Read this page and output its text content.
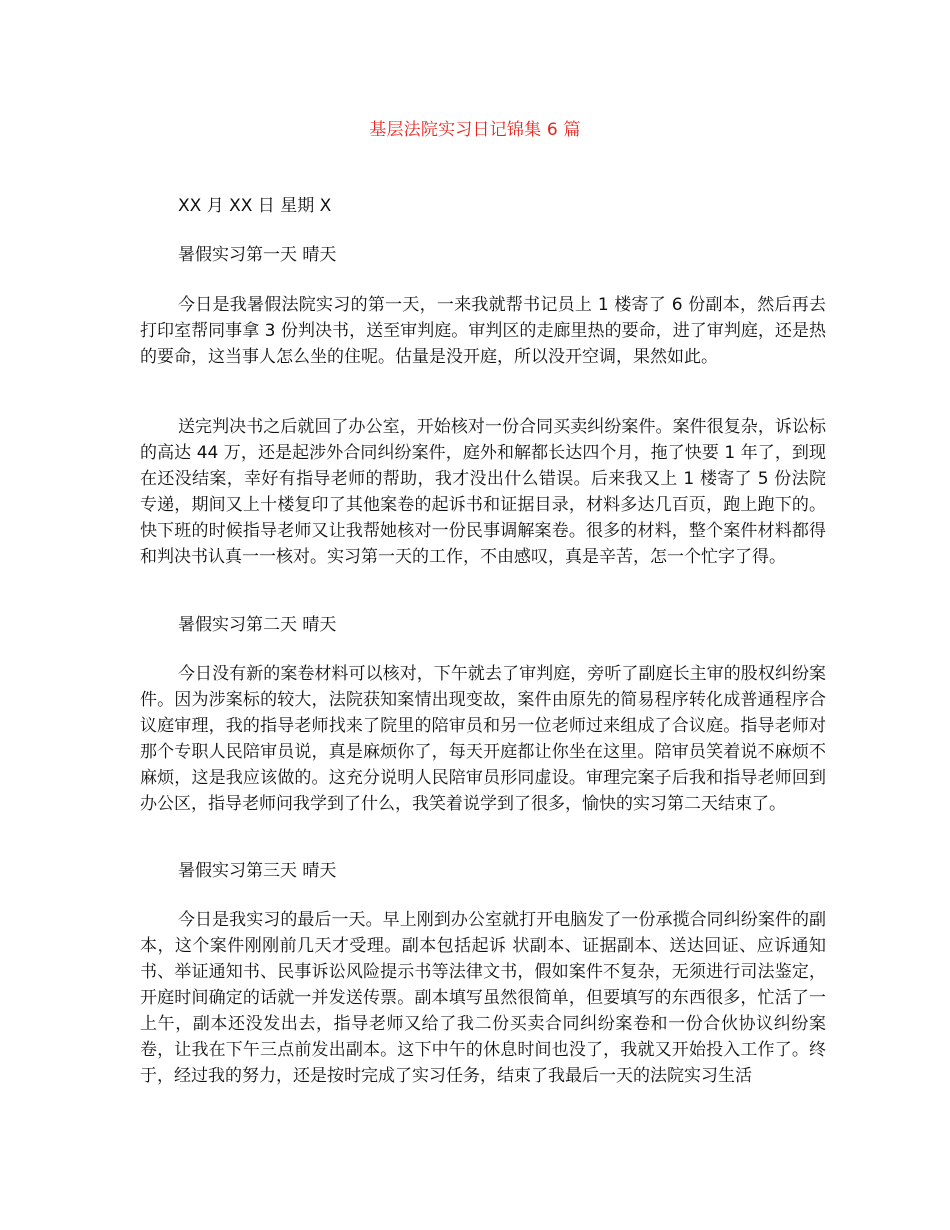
基层法院实习日记锦集 6 篇
XX 月 XX 日 星期 X
暑假实习第一天 晴天

今日是我暑假法院实习的第一天，一来我就帮书记员上 1 楼寄了 6 份副本，然后再去打印室帮同事拿 3 份判决书，送至审判庭。审判区的走廊里热的要命，进了审判庭，还是热的要命，这当事人怎么坐的住呢。估量是没开庭，所以没开空调，果然如此。

送完判决书之后就回了办公室，开始核对一份合同买卖纠纷案件。案件很复杂，诉讼标的高达 44 万，还是起涉外合同纠纷案件，庭外和解都长达四个月，拖了快要 1 年了，到现在还没结案，幸好有指导老师的帮助，我才没出什么错误。后来我又上 1 楼寄了 5 份法院专递，期间又上十楼复印了其他案卷的起诉书和证据目录，材料多达几百页，跑上跑下的。快下班的时候指导老师又让我帮她核对一份民事调解案卷。很多的材料，整个案件材料都得和判决书认真一一核对。实习第一天的工作，不由感叹，真是辛苦，怎一个忙字了得。

暑假实习第二天 晴天

今日没有新的案卷材料可以核对，下午就去了审判庭，旁听了副庭长主审的股权纠纷案件。因为涉案标的较大，法院获知案情出现变故，案件由原先的简易程序转化成普通程序合议庭审理，我的指导老师找来了院里的陪审员和另一位老师过来组成了合议庭。指导老师对那个专职人民陪审员说，真是麻烦你了，每天开庭都让你坐在这里。陪审员笑着说不麻烦不麻烦，这是我应该做的。这充分说明人民陪审员形同虚设。审理完案子后我和指导老师回到办公区，指导老师问我学到了什么，我笑着说学到了很多，愉快的实习第二天结束了。

暑假实习第三天 晴天

今日是我实习的最后一天。早上刚到办公室就打开电脑发了一份承揽合同纠纷案件的副本，这个案件刚刚前几天才受理。副本包括起诉 状副本、证据副本、送达回证、应诉通知书、举证通知书、民事诉讼风险提示书等法律文书，假如案件不复杂，无须进行司法鉴定，开庭时间确定的话就一并发送传票。副本填写虽然很简单，但要填写的东西很多，忙活了一上午，副本还没发出去，指导老师又给了我二份买卖合同纠纷案卷和一份合伙协议纠纷案卷，让我在下午三点前发出副本。这下中午的休息时间也没了，我就又开始投入工作了。终于，经过我的努力，还是按时完成了实习任务，结束了我最后一天的法院实习生活
